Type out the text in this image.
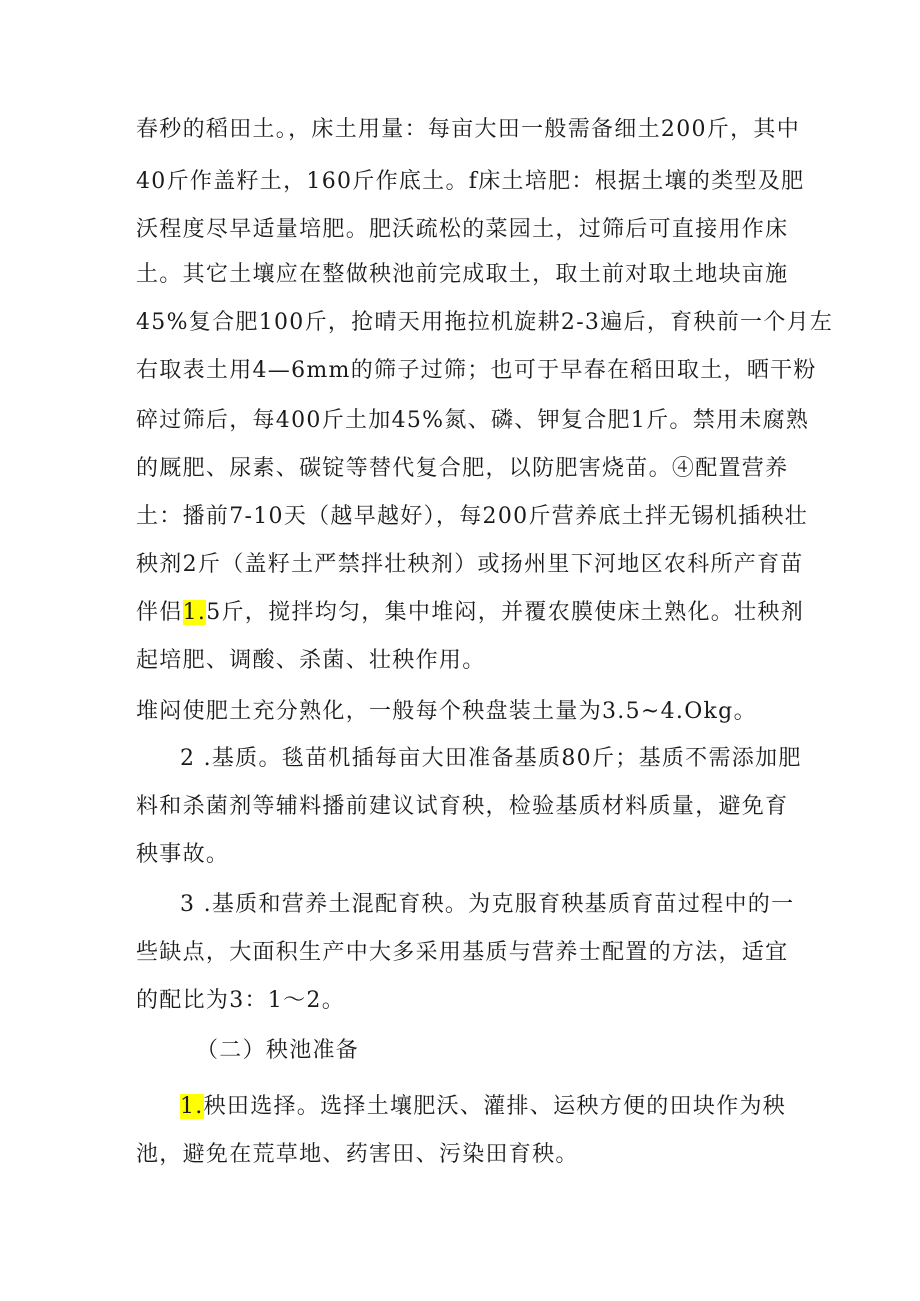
春秒的稻田土。，床土用量：每亩大田一般需备细土200斤，其中
40斤作盖籽土，160斤作底土。f床土培肥：根据土壤的类型及肥
沃程度尽早适量培肥。肥沃疏松的菜园土，过筛后可直接用作床
土。其它土壤应在整做秧池前完成取土，取土前对取土地块亩施
45%复合肥100斤，抢晴天用拖拉机旋耕2-3遍后，育秧前一个月左
右取表土用4—6mm的筛子过筛；也可于早春在稻田取土，晒干粉
碎过筛后，每400斤土加45%氮、磷、钾复合肥1斤。禁用未腐熟
的厩肥、尿素、碳锭等替代复合肥，以防肥害烧苗。④配置营养
土：播前7-10天（越早越好），每200斤营养底土拌无锡机插秧壮
秧剂2斤（盖籽土严禁拌壮秧剂）或扬州里下河地区农科所产育苗
伴侣1.5斤，搅拌均匀，集中堆闷，并覆农膜使床土熟化。壮秧剂
起培肥、调酸、杀菌、壮秧作用。
堆闷使肥土充分熟化，一般每个秧盘装土量为3.5~4.Okg。
2 .基质。毯苗机插每亩大田准备基质80斤；基质不需添加肥
料和杀菌剂等辅料播前建议试育秧，检验基质材料质量，避免育
秧事故。
3 .基质和营养土混配育秧。为克服育秧基质育苗过程中的一
些缺点，大面积生产中大多采用基质与营养士配置的方法，适宜
的配比为3：1～2。
（二）秧池准备
1.秧田选择。选择土壤肥沃、灌排、运秧方便的田块作为秧
池，避免在荒草地、药害田、污染田育秧。
